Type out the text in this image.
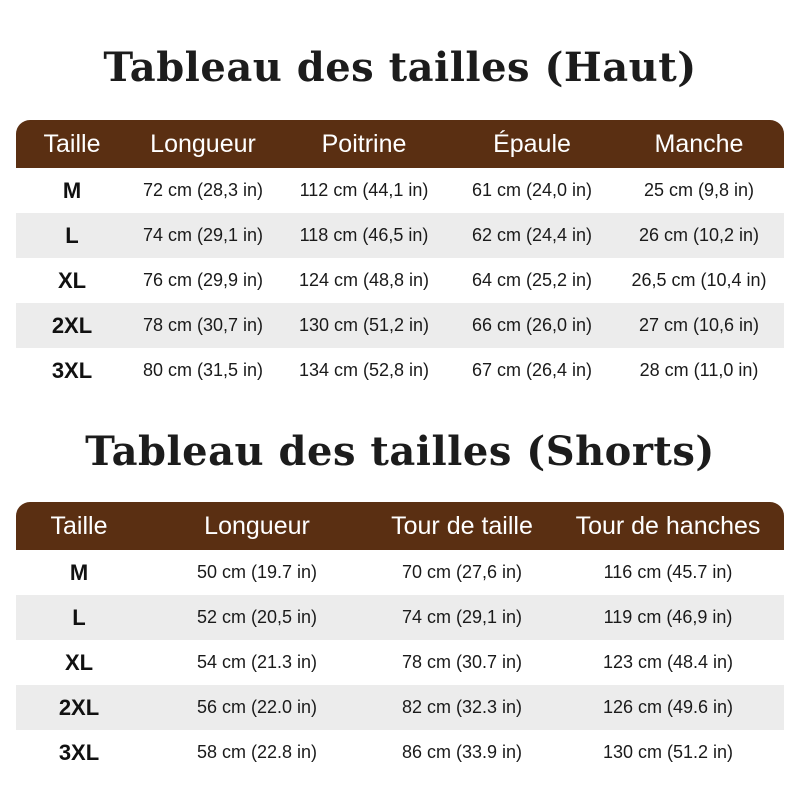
Tableau des tailles (Haut)
Taille	Longueur	Poitrine	Épaule	Manche
M	72 cm (28,3 in)	112 cm (44,1 in)	61 cm (24,0 in)	25 cm (9,8 in)
L	74 cm (29,1 in)	118 cm (46,5 in)	62 cm (24,4 in)	26 cm (10,2 in)
XL	76 cm (29,9 in)	124 cm (48,8 in)	64 cm (25,2 in)	26,5 cm (10,4 in)
2XL	78 cm (30,7 in)	130 cm (51,2 in)	66 cm (26,0 in)	27 cm (10,6 in)
3XL	80 cm (31,5 in)	134 cm (52,8 in)	67 cm (26,4 in)	28 cm (11,0 in)
Tableau des tailles (Shorts)
Taille	Longueur	Tour de taille	Tour de hanches
M	50 cm (19.7 in)	70 cm (27,6 in)	116 cm (45.7 in)
L	52 cm (20,5 in)	74 cm (29,1 in)	119 cm (46,9 in)
XL	54 cm (21.3 in)	78 cm (30.7 in)	123 cm (48.4 in)
2XL	56 cm (22.0 in)	82 cm (32.3 in)	126 cm (49.6 in)
3XL	58 cm (22.8 in)	86 cm (33.9 in)	130 cm (51.2 in)
